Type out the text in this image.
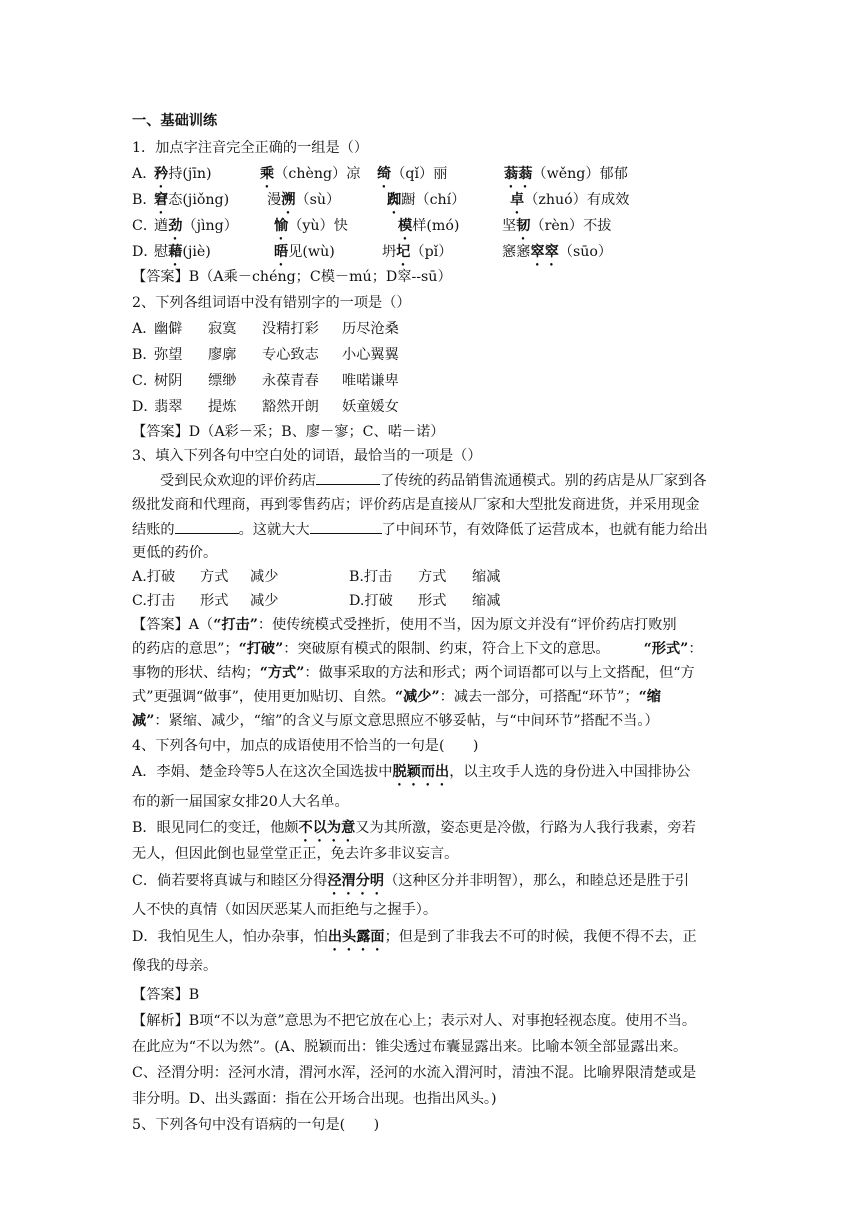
一、基础训练
1．加点字注音完全正确的一组是（）
A．
矜持(jīn)	乘（chèng）凉 绮（qǐ）丽	蓊蓊（wěng）郁郁
B．
窘态(jiǒng)	漫溯（sù）	踟蹰（chí）	卓（zhuó）有成效
C．
遒劲（jìng）	愉（yù）快	模样(mó)	坚韧（rèn）不拔
D．
慰藉(jiè)	晤见(wù)	坍圮（pǐ）	窸窸窣窣（sūo）
【答案】B（A乘－chéng；C模－mú；D窣--sū）
2、下列各组词语中没有错别字的一项是（）
A．
幽僻 寂寞 没精打彩 历尽沧桑
B．
弥望 廖廓 专心致志 小心翼翼
C．
树阴 缥缈 永葆青春 唯喏谦卑
D．
翡翠 提炼 豁然开朗 妖童媛女
【答案】D（A彩－采；B、廖－寥；C、喏－诺）
3、填入下列各句中空白处的词语，最恰当的一项是（）
受到民众欢迎的评价药店	了传统的药品销售流通模式。别的药店是从厂家到各
级批发商和代理商，再到零售药店；评价药店是直接从厂家和大型批发商进货，并采用现金
结账的	。这就大大	了中间环节，有效降低了运营成本，也就有能力给出
更低的药价。
A.打破 方式 减少	B.打击 方式 缩减
C.打击 形式 减少	D.打破 形式 缩减
【答案】A（“打击”：使传统模式受挫折，使用不当，因为原文并没有“评价药店打败别
的药店的意思”；“打破”：突破原有模式的限制、约束，符合上下文的意思。 “形式”：
事物的形状、结构；“方式”：做事采取的方法和形式；两个词语都可以与上文搭配，但“方
式”更强调“做事”，使用更加贴切、自然。“减少”：减去一部分，可搭配“环节”；“缩
减”：紧缩、减少，“缩”的含义与原文意思照应不够妥帖，与“中间环节”搭配不当。）
4、下列各句中，加点的成语使用不恰当的一句是(　　)
A．李娟、楚金玲等5人在这次全国选拔中脱颖而出，以主攻手人选的身份进入中国排协公
布的新一届国家女排20人大名单。
B．眼见同仁的变迁，他颇不以为意又为其所激，姿态更是冷傲，行路为人我行我素，旁若
无人，但因此倒也显堂堂正正，免去许多非议妄言。
C．倘若要将真诚与和睦区分得泾渭分明（这种区分并非明智），那么，和睦总还是胜于引
人不快的真情（如因厌恶某人而拒绝与之握手）。
D．我怕见生人，怕办杂事，怕出头露面；但是到了非我去不可的时候，我便不得不去，正
像我的母亲。
【答案】B
【解析】B项“不以为意”意思为不把它放在心上；表示对人、对事抱轻视态度。使用不当。
在此应为“不以为然”。(A、脱颖而出：锥尖透过布囊显露出来。比喻本领全部显露出来。
C、泾渭分明：泾河水清，渭河水浑，泾河的水流入渭河时，清浊不混。比喻界限清楚或是
非分明。D、出头露面：指在公开场合出现。也指出风头。)
5、下列各句中没有语病的一句是(　　)
